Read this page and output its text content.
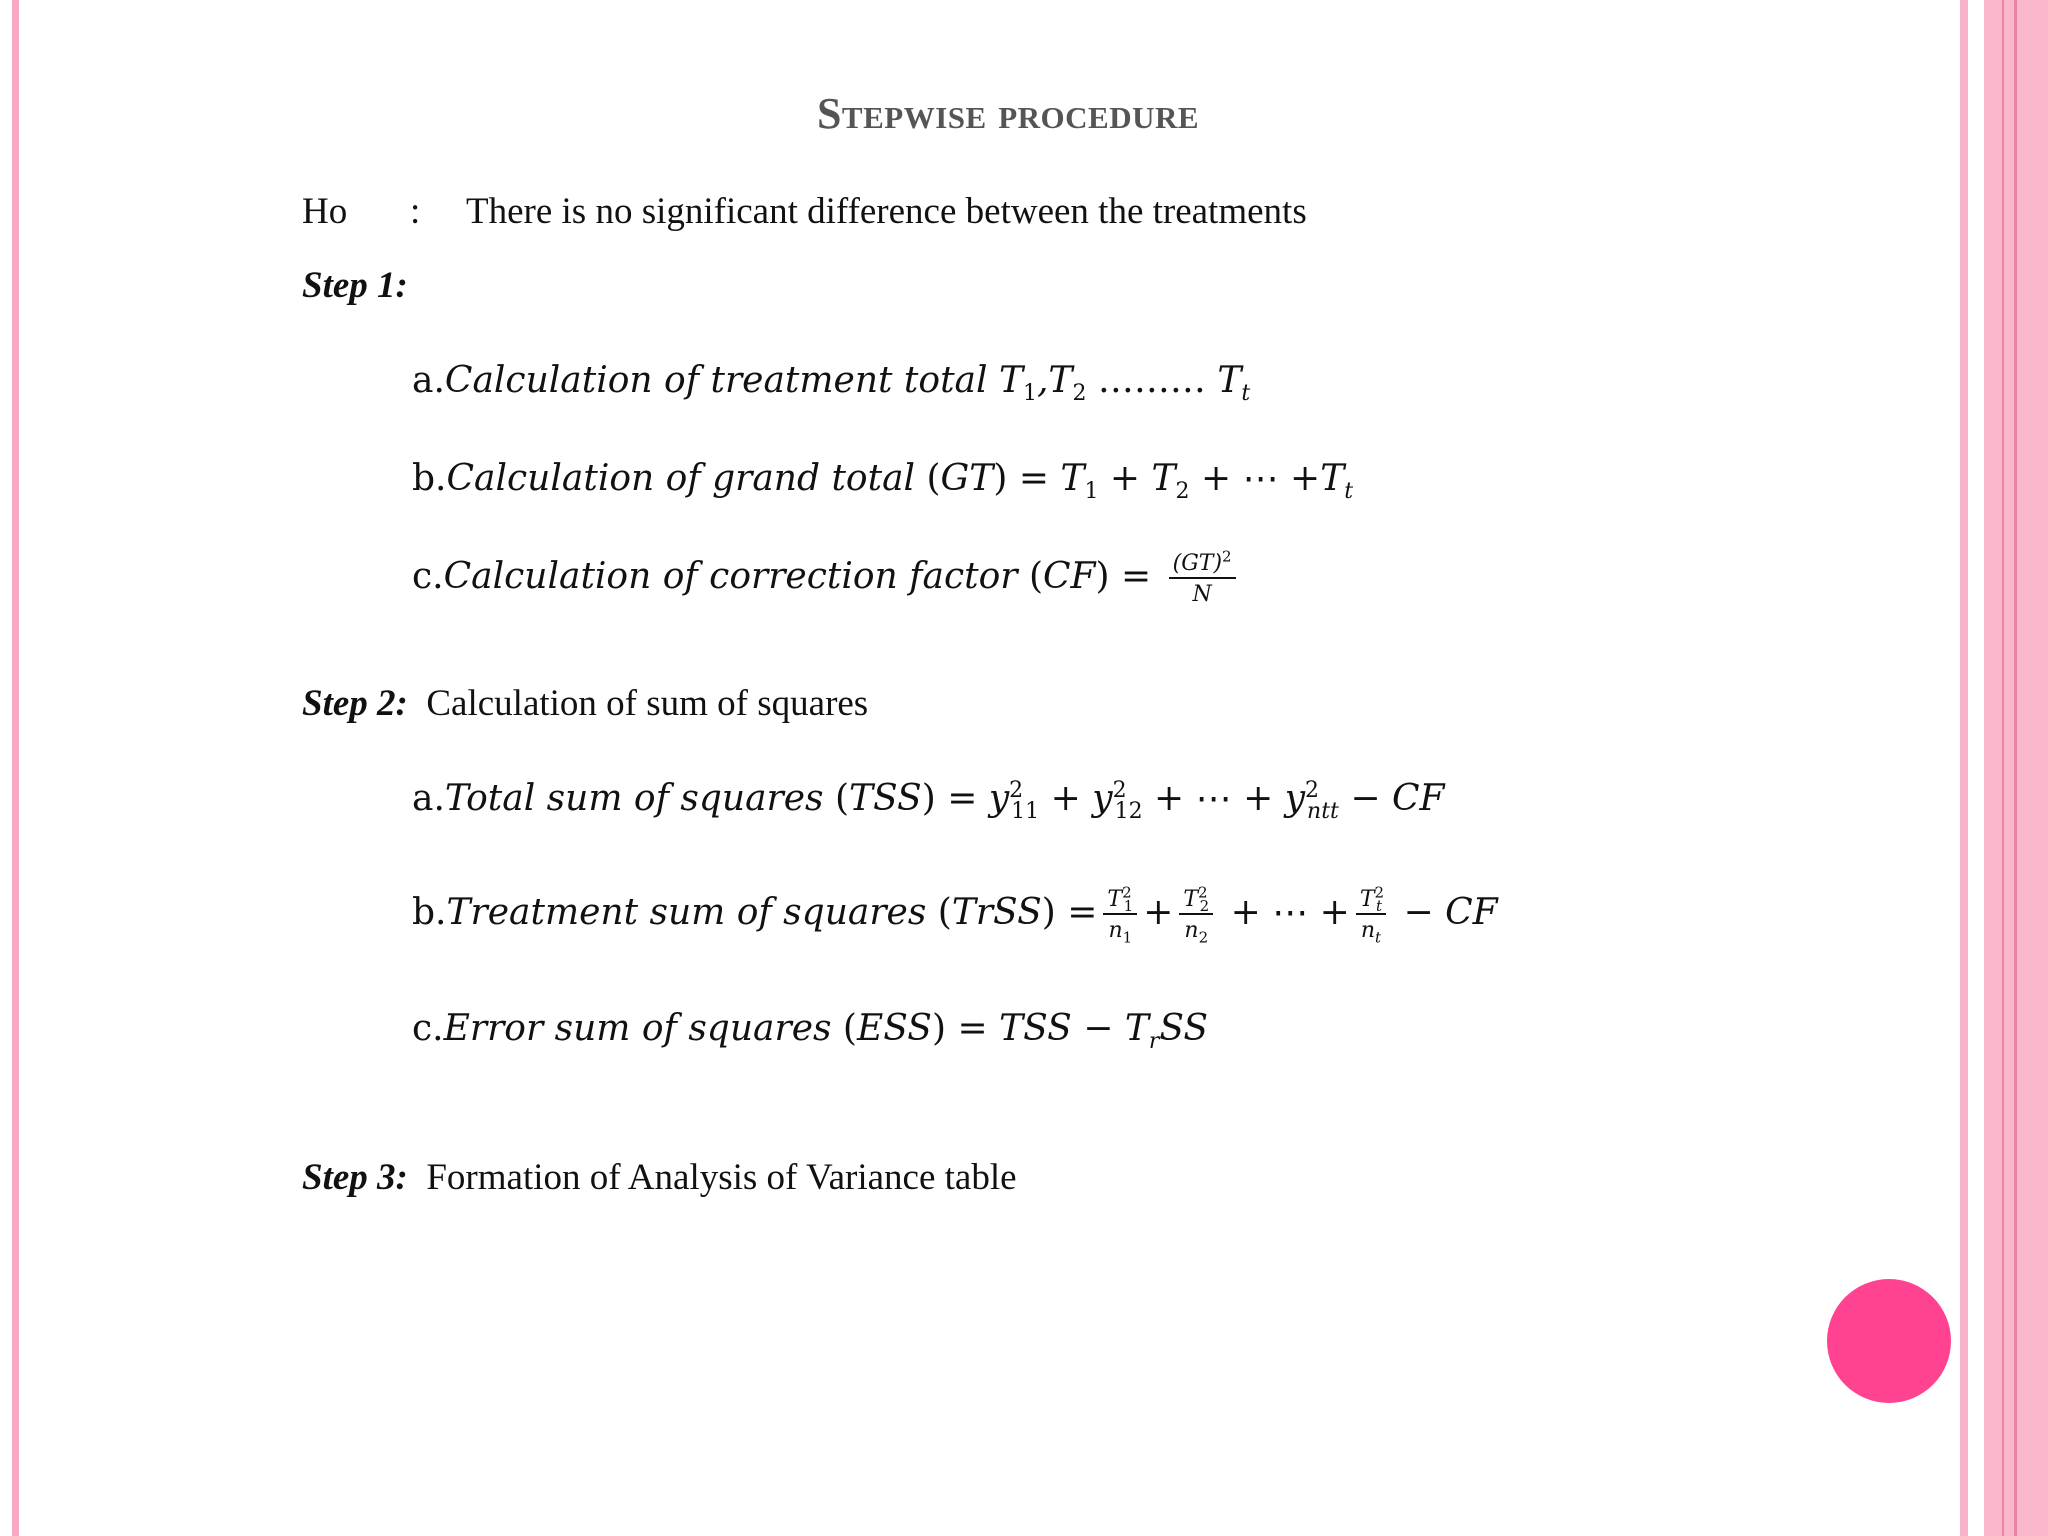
Stepwise procedure
Ho : There is no significant difference between the treatments
Step 1:
a.Calculation of treatment total $T_1,T_2$ ……… $T_t$
b.Calculation of grand total $(GT) = T_1 + T_2$ + ⋯ $+T_t$
c.Calculation of correction factor $(CF) = \frac{(GT)^2}{N}$
Step 2: Calculation of sum of squares
a.Total sum of squares $(TSS) = y^2_{11} + y^2_{12}$ + ⋯ + $y^2_{ntt}$ − CF
b.Treatment sum of squares (TrSS) = $\frac{T^2_1}{n_1} + \frac{T^2_2}{n_2}$ + ⋯ + $\frac{T^2_t}{n_t}$ − CF
c.Error sum of squares (ESS) = TSS − $T_rSS$
Step 3: Formation of Analysis of Variance table
